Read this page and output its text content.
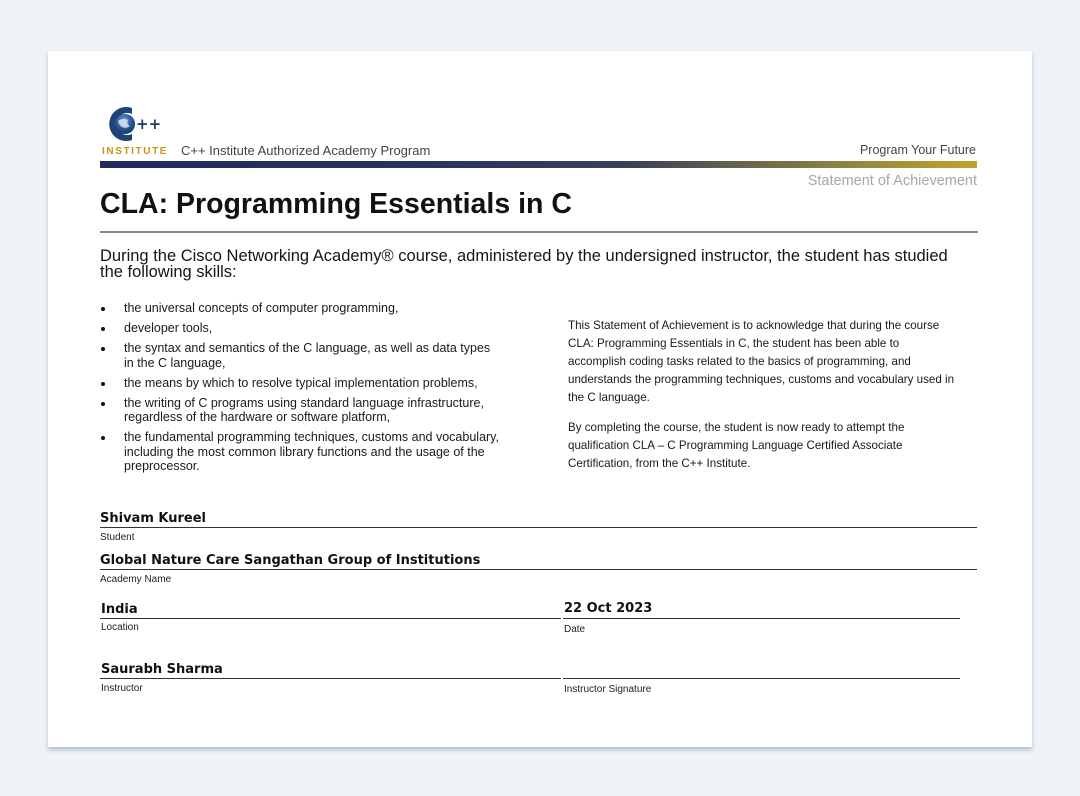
++
INSTITUTE C++ Institute Authorized Academy Program	Program Your Future
Statement of Achievement
CLA: Programming Essentials in C

During the Cisco Networking Academy® course, administered by the undersigned instructor, the student has studied the following skills:

the universal concepts of computer programming,
developer tools,
the syntax and semantics of the C language, as well as data types in the C language,
the means by which to resolve typical implementation problems,
the writing of C programs using standard language infrastructure, regardless of the hardware or software platform,
the fundamental programming techniques, customs and vocabulary, including the most common library functions and the usage of the preprocessor.

This Statement of Achievement is to acknowledge that during the course CLA: Programming Essentials in C, the student has been able to accomplish coding tasks related to the basics of programming, and understands the programming techniques, customs and vocabulary used in the C language.

By completing the course, the student is now ready to attempt the qualification CLA – C Programming Language Certified Associate Certification, from the C++ Institute.

Shivam Kureel
Student
Global Nature Care Sangathan Group of Institutions
Academy Name
India
Location
22 Oct 2023
Date
Saurabh Sharma
Instructor	Instructor Signature
